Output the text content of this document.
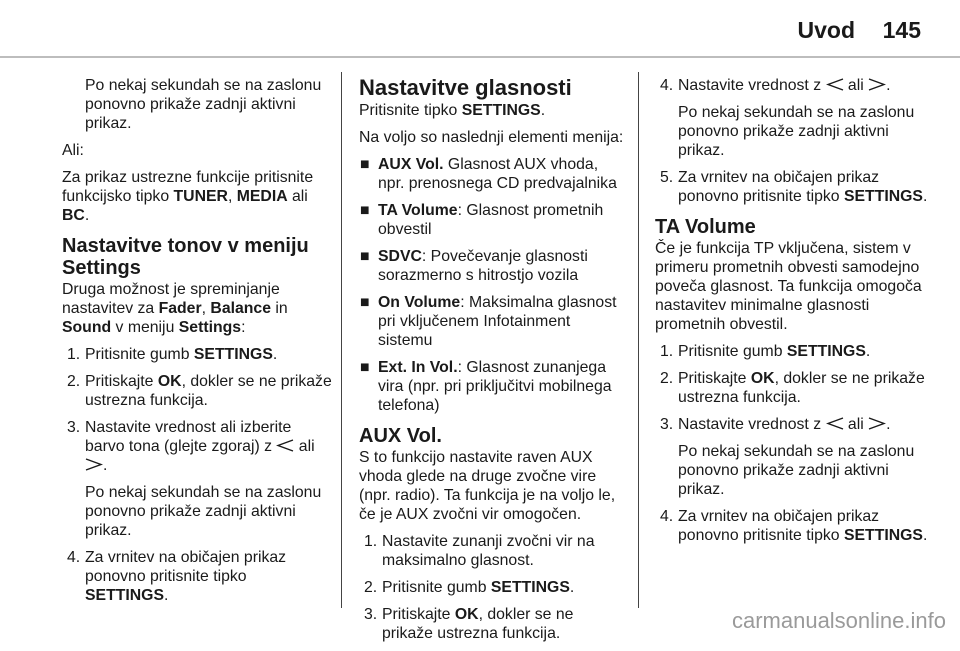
Uvod 145

Po nekaj sekundah se na zaslonu ponovno prikaže zadnji aktivni prikaz.

Ali:

Za prikaz ustrezne funkcije pritisnite funkcijsko tipko TUNER, MEDIA ali BC.

Nastavitve tonov v meniju Settings

Druga možnost je spreminjanje nastavitev za Fader, Balance in Sound v meniju Settings:

1. Pritisnite gumb SETTINGS.
2. Pritiskajte OK, dokler se ne prikaže ustrezna funkcija.
3. Nastavite vrednost ali izberite barvo tona (glejte zgoraj) z  ali
.
Po nekaj sekundah se na zaslonu ponovno prikaže zadnji aktivni prikaz.
4. Za vrnitev na običajen prikaz ponovno pritisnite tipko SETTINGS.
Nastavitve glasnosti

Pritisnite tipko SETTINGS.

Na voljo so naslednji elementi menija:

■ AUX Vol. Glasnost AUX vhoda, npr. prenosnega CD predvajalnika
■ TA Volume: Glasnost prometnih obvestil
■ SDVC: Povečevanje glasnosti sorazmerno s hitrostjo vozila
■ On Volume: Maksimalna glasnost pri vključenem Infotainment sistemu
■ Ext. In Vol.: Glasnost zunanjega vira (npr. pri priključitvi mobilnega telefona)
AUX Vol.

S to funkcijo nastavite raven AUX vhoda glede na druge zvočne vire (npr. radio). Ta funkcija je na voljo le, če je AUX zvočni vir omogočen.

1. Nastavite zunanji zvočni vir na maksimalno glasnost.
2. Pritisnite gumb SETTINGS.
3. Pritiskajte OK, dokler se ne prikaže ustrezna funkcija.
4. Nastavite vrednost z  ali .
Po nekaj sekundah se na zaslonu ponovno prikaže zadnji aktivni prikaz.
5. Za vrnitev na običajen prikaz ponovno pritisnite tipko SETTINGS.
TA Volume

Če je funkcija TP vključena, sistem v primeru prometnih obvesti samodejno poveča glasnost. Ta funkcija omogoča nastavitev minimalne glasnosti prometnih obvestil.

1. Pritisnite gumb SETTINGS.
2. Pritiskajte OK, dokler se ne prikaže ustrezna funkcija.
3. Nastavite vrednost z  ali .
Po nekaj sekundah se na zaslonu ponovno prikaže zadnji aktivni prikaz.
4. Za vrnitev na običajen prikaz ponovno pritisnite tipko SETTINGS.
carmanualsonline.info
